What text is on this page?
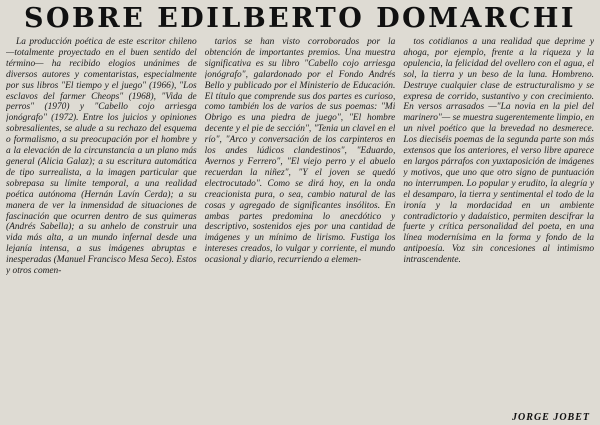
SOBRE EDILBERTO DOMARCHI

La producción poética de este escritor chileno —totalmente proyectado en el buen sentido del término— ha recibido elogios unánimes de diversos autores y comentaristas, especialmente por sus libros "El tiempo y el juego" (1966), "Los esclavos del farmer Cheops" (1968), "Vida de perros" (1970) y "Cabello cojo arriesga jonógrafo" (1972). Entre los juicios y opiniones sobresalientes, se alude a su rechazo del esquema o formalismo, a su preocupación por el hombre y a la elevación de la circunstancia a un plano más general (Alicia Galaz); a su escritura automática de tipo surrealista, a la imagen particular que sobrepasa su límite temporal, a una realidad poética autónoma (Hernán Lavín Cerda); a su manera de ver la inmensidad de situaciones de fascinación que ocurren dentro de sus quimeras (Andrés Sabella); a su anhelo de construir una vida más alta, a un mundo infernal desde una lejanía intensa, a sus imágenes abruptas e inesperadas (Manuel Francisco Mesa Seco). Estos y otros comen-

tarios se han visto corroborados por la obtención de importantes premios. Una muestra significativa es su libro "Cabello cojo arriesga jonógrafo", galardonado por el Fondo Andrés Bello y publicado por el Ministerio de Educación. El título que comprende sus dos partes es curioso, como también los de varios de sus poemas: "Mi Obrigo es una piedra de juego", "El hombre decente y el pie de sección", "Tenia un clavel en el río", "Arco y conversación de los carpinteros en los andes lúdicos clandestinos", "Eduardo, Avernos y Ferrero", "El viejo perro y el abuelo recuerdan la niñez", "Y el joven se quedó electrocutado". Como se dirá hoy, en la onda creacionista pura, o sea, cambio natural de las cosas y agregado de significantes insólitos. En ambas partes predomina lo anecdótico y descriptivo, sostenidos ejes por una cantidad de imágenes y un mínimo de lirismo. Fustiga los intereses creados, lo vulgar y corriente, el mundo ocasional y diario, recurriendo a elemen-

tos cotidianos a una realidad que deprime y ahoga, por ejemplo, frente a la riqueza y la opulencia, la felicidad del ovellero con el agua, el sol, la tierra y un beso de la luna. Hombreno. Destruye cualquier clase de estructuralismo y se expresa de corrido, sustantivo y con crecimiento. En versos arrasados —"La novia en la piel del marinero"— se muestra sugerentemente limpio, en un nivel poético que la brevedad no desmerece. Los dieciséis poemas de la segunda parte son más extensos que los anteriores, el verso libre aparece en largos párrafos con yuxtaposición de imágenes y motivos, que uno que otro signo de puntuación no interrumpen. Lo popular y erudito, la alegría y el desamparo, la tierra y sentimental el todo de la ironía y la mordacidad en un ambiente contradictorio y dadaístico, permiten descifrar la fuerte y crítica personalidad del poeta, en una línea modernísima en la forma y fondo de la antipoesía. Voz sin concesiones al intimismo intrascendente.

JORGE JOBET
